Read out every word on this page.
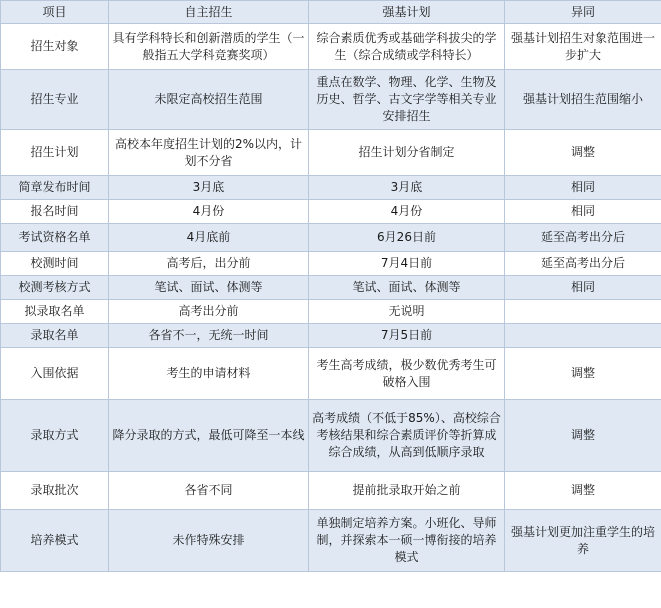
项目	自主招生	强基计划	异同
招生对象	具有学科特长和创新潜质的学生（一般指五大学科竞赛奖项）	综合素质优秀或基础学科拔尖的学生（综合成绩或学科特长）	强基计划招生对象范围进一步扩大
招生专业	未限定高校招生范围	重点在数学、物理、化学、生物及历史、哲学、古文字学等相关专业安排招生	强基计划招生范围缩小
招生计划	高校本年度招生计划的2%以内，计划不分省	招生计划分省制定	调整
简章发布时间	3月底	3月底	相同
报名时间	4月份	4月份	相同
考试资格名单	4月底前	6月26日前	延至高考出分后
校测时间	高考后，出分前	7月4日前	延至高考出分后
校测考核方式	笔试、面试、体测等	笔试、面试、体测等	相同
拟录取名单	高考出分前	无说明	
录取名单	各省不一，无统一时间	7月5日前	
入围依据	考生的申请材料	考生高考成绩，极少数优秀考生可破格入围	调整
录取方式	降分录取的方式，最低可降至一本线	高考成绩（不低于85%）、高校综合考核结果和综合素质评价等折算成综合成绩，从高到低顺序录取	调整
录取批次	各省不同	提前批录取开始之前	调整
培养模式	未作特殊安排	单独制定培养方案。小班化、导师制，并探索本一硕一博衔接的培养模式	强基计划更加注重学生的培养
